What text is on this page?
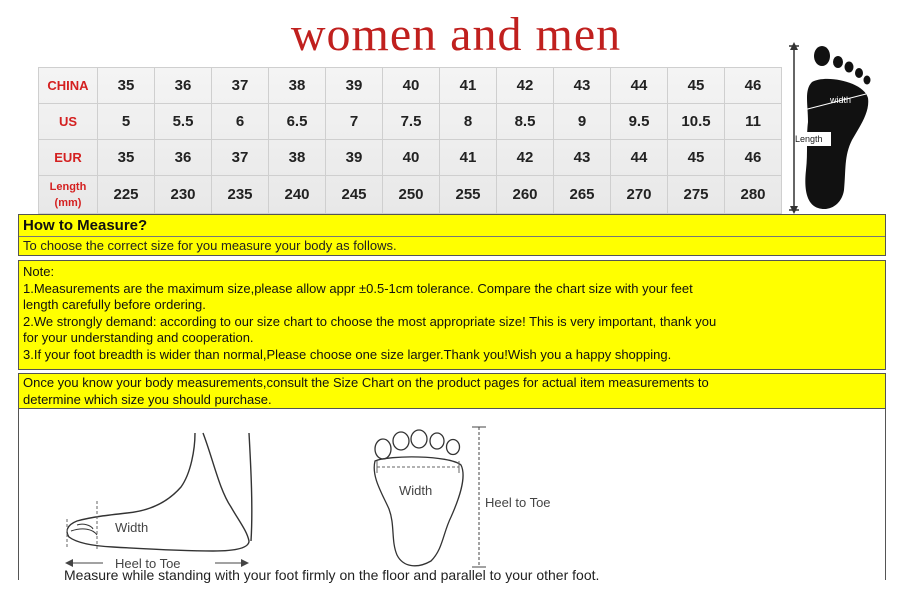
women and men
CHINA	35	36	37	38	39	40	41	42	43	44	45	46

US	5	5.5	6	6.5	7	7.5	8	8.5	9	9.5	10.5	11

EUR	35	36	37	38	39	40	41	42	43	44	45	46

Length
(mm)	225	230	235	240	245	250	255	260	265	270	275	280
width
Length
How to Measure?
To choose the correct size for you measure your body as follows.
Note:
1.Measurements are the maximum size,please allow appr ±0.5-1cm tolerance. Compare the chart size with your feet
length carefully before ordering.
2.We strongly demand: according to our size chart to choose the most appropriate size! This is very important, thank you
for your understanding and cooperation.
3.If your foot breadth is wider than normal,Please choose one size larger.Thank you!Wish you a happy shopping.
Once you know your body measurements,consult the Size Chart on the product pages for actual item measurements to
determine which size you should purchase.
Width
Heel to Toe
Width
Heel to Toe
Measure while standing with your foot firmly on the floor and parallel to your other foot.
